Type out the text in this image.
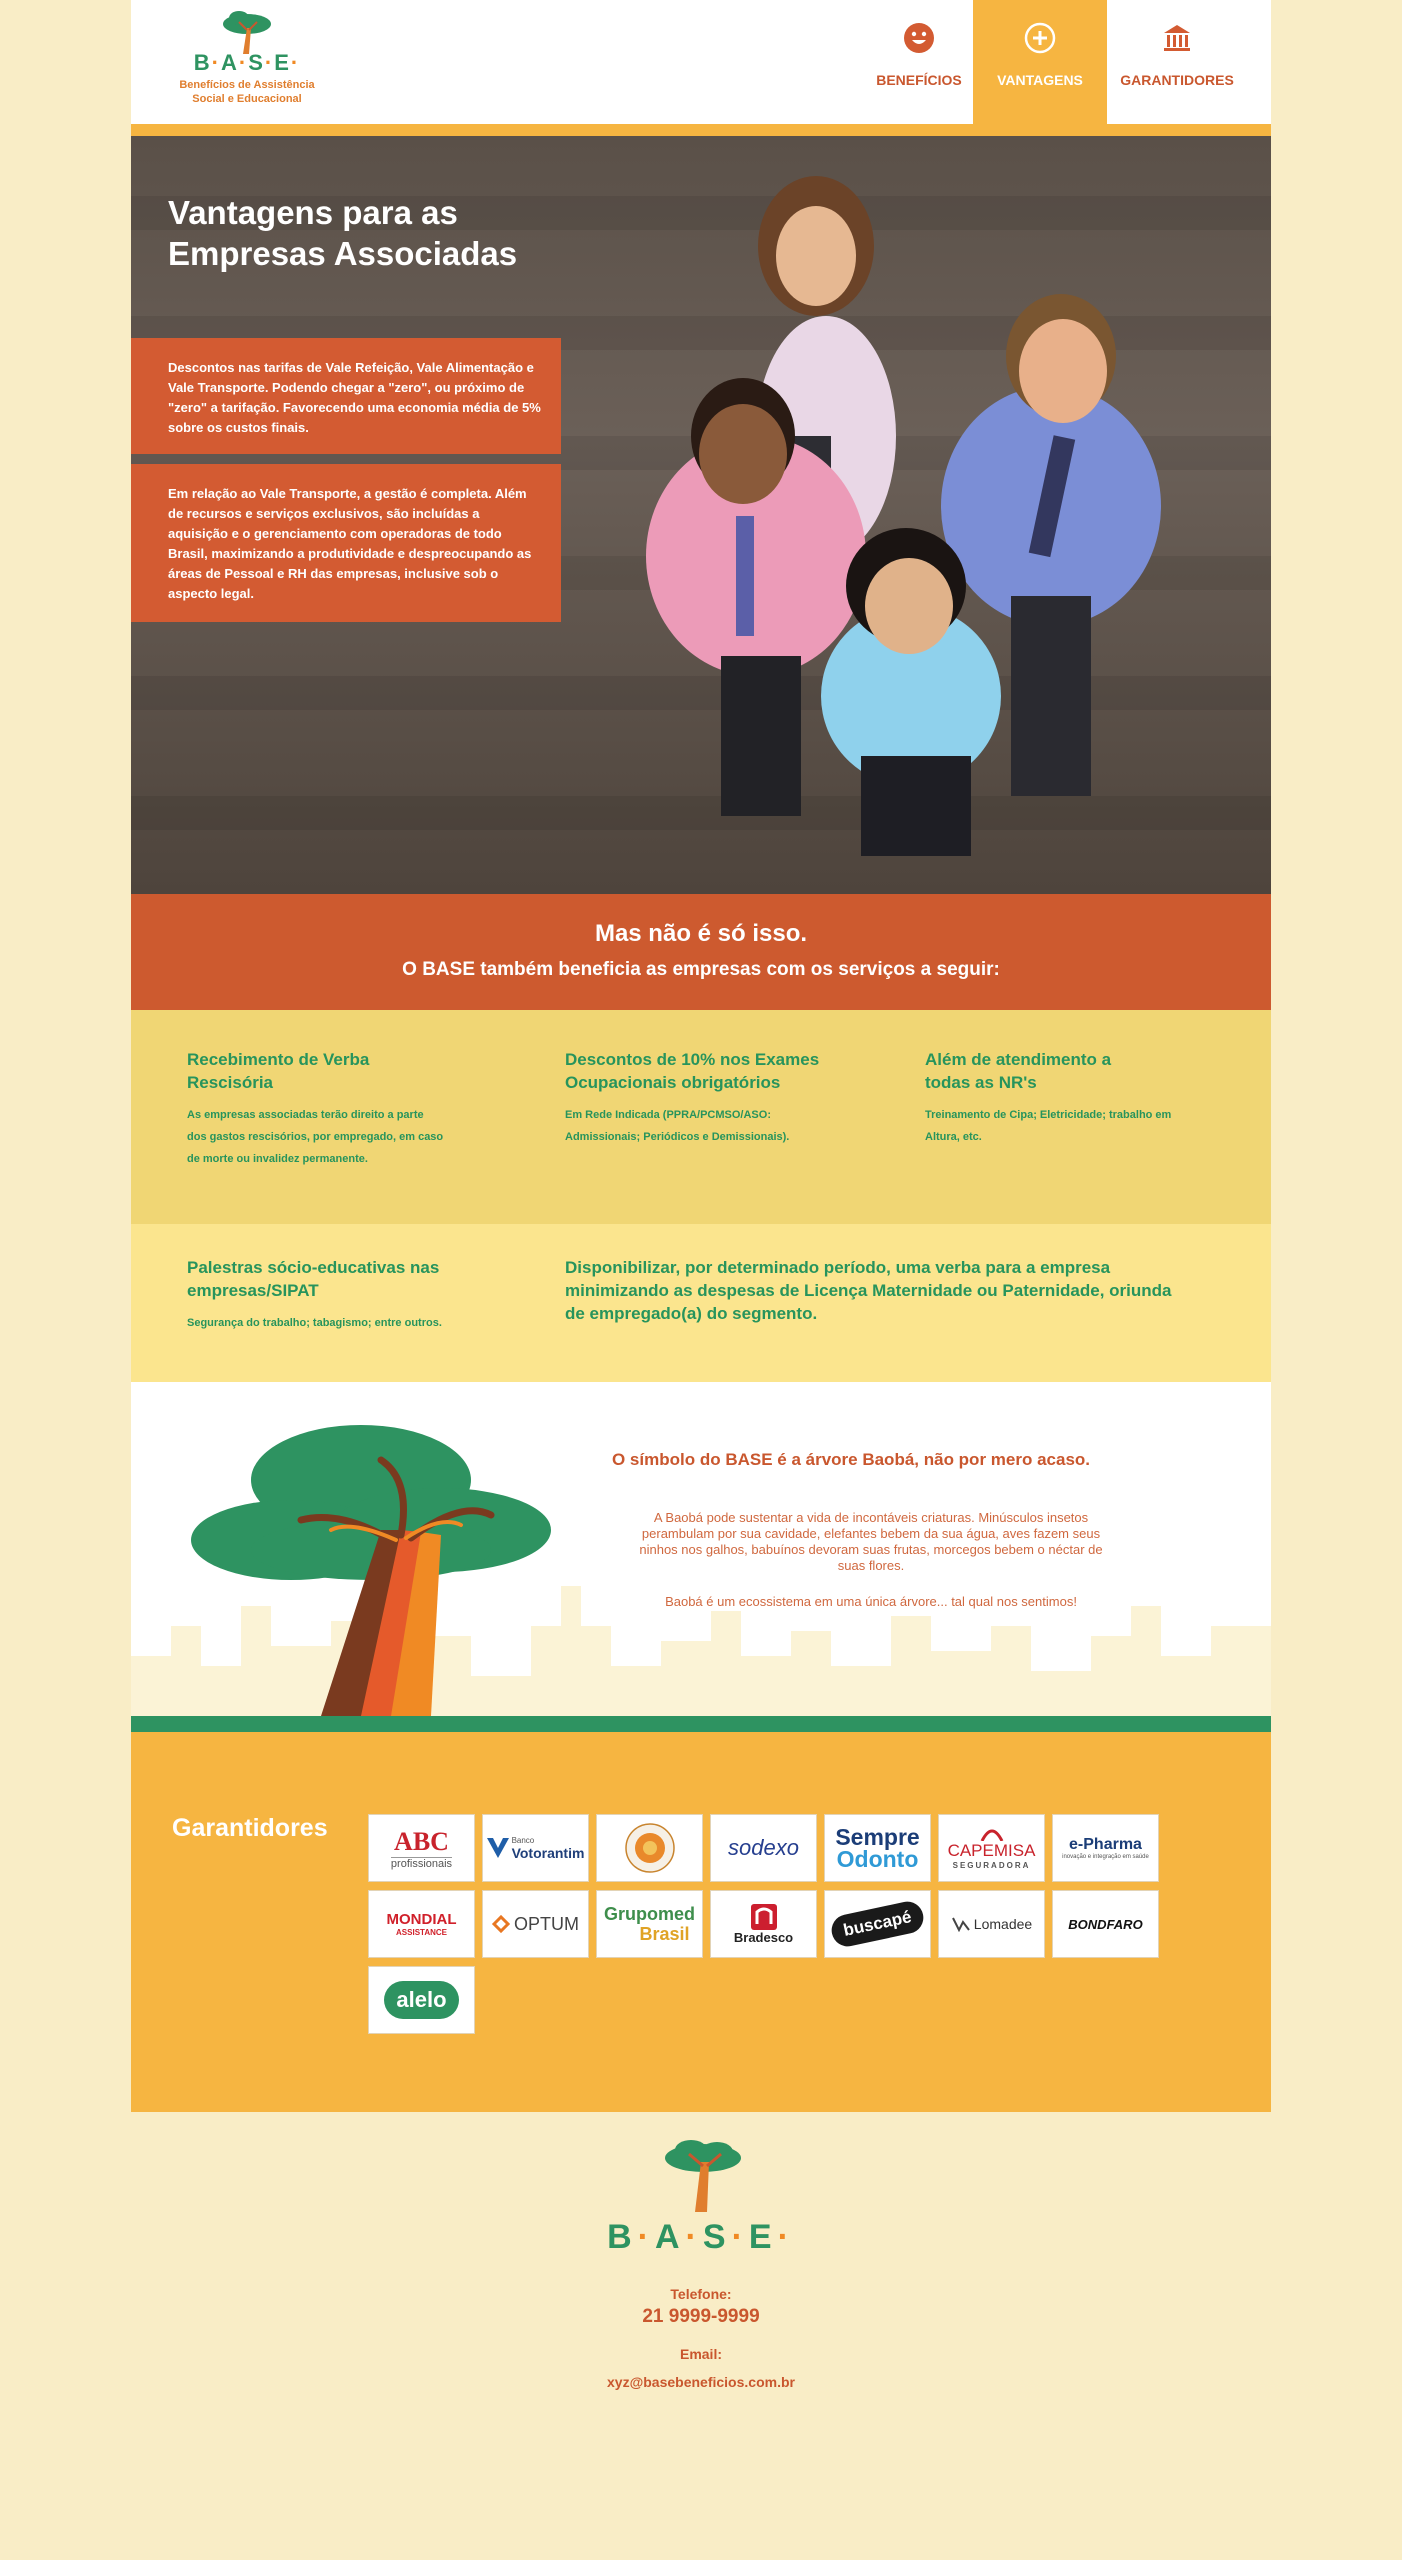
B·A·S·E·
Benefícios de Assistência
Social e Educacional
BENEFÍCIOS	VANTAGENS	GARANTIDORES
Vantagens para as
Empresas Associadas
Descontos nas tarifas de Vale Refeição, Vale Alimentação e Vale Transporte. Podendo chegar a "zero", ou próximo de "zero" a tarifação. Favorecendo uma economia média de 5% sobre os custos finais.
Em relação ao Vale Transporte, a gestão é completa. Além de recursos e serviços exclusivos, são incluídas a aquisição e o gerenciamento com operadoras de todo Brasil, maximizando a produtividade e despreocupando as áreas de Pessoal e RH das empresas, inclusive sob o aspecto legal.
Mas não é só isso.
O BASE também beneficia as empresas com os serviços a seguir:
Recebimento de Verba
Rescisória
As empresas associadas terão direito a parte
dos gastos rescisórios, por empregado, em caso
de morte ou invalidez permanente.
Descontos de 10% nos Exames
Ocupacionais obrigatórios
Em Rede Indicada (PPRA/PCMSO/ASO:
Admissionais; Periódicos e Demissionais).
Além de atendimento a
todas as NR's
Treinamento de Cipa; Eletricidade; trabalho em
Altura, etc.
Palestras sócio-educativas nas
empresas/SIPAT
Segurança do trabalho; tabagismo; entre outros.
Disponibilizar, por determinado período, uma verba para a empresa
minimizando as despesas de Licença Maternidade ou Paternidade, oriunda
de empregado(a) do segmento.
O símbolo do BASE é a árvore Baobá, não por mero acaso.
A Baobá pode sustentar a vida de incontáveis criaturas. Minúsculos insetos perambulam por sua cavidade, elefantes bebem da sua água, aves fazem seus ninhos nos galhos, babuínos devoram suas frutas, morcegos bebem o néctar de suas flores.
Baobá é um ecossistema em uma única árvore... tal qual nos sentimos!
Garantidores	ABC
profissionais
Banco
Votorantim	sodexo Sempre
Odonto CAPEMISA
SEGURADORA
e-Pharma
inovação e integração em saúde
MONDIAL
ASSISTANCE	OPTUM Grupomed
Brasil	Bradesco	buscapé	Lomadee	BONDFARO
alelo
B·A·S·E·
Telefone:
21 9999-9999
Email:
xyz@basebeneficios.com.br
